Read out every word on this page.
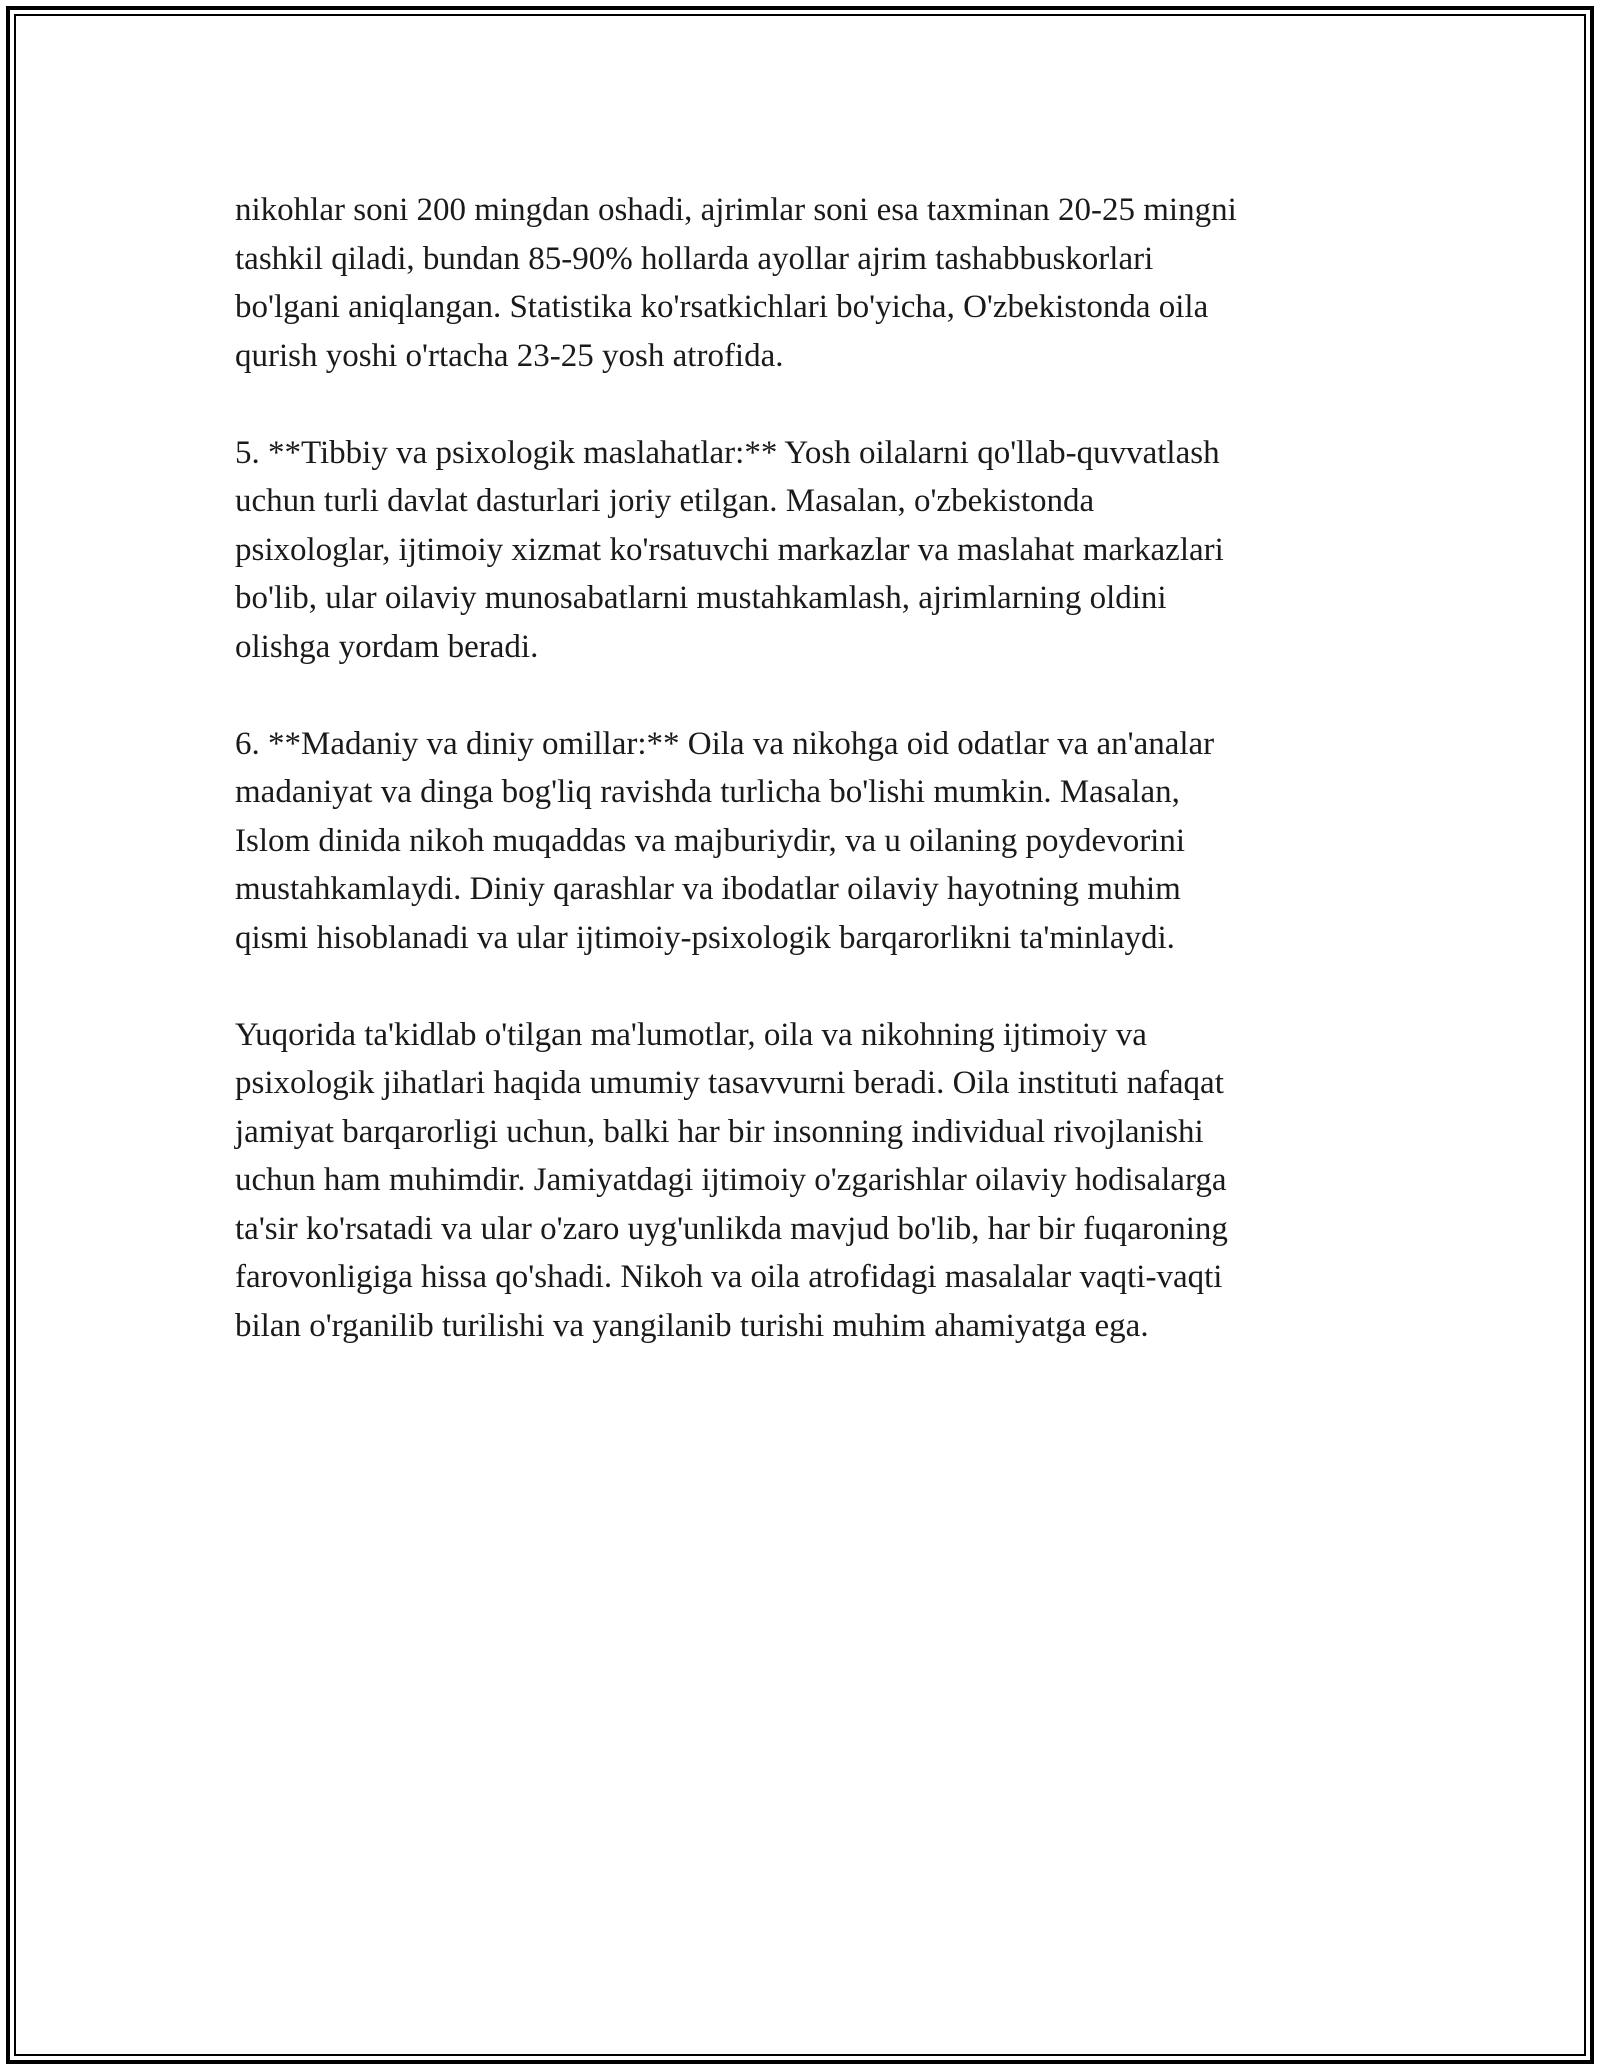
nikohlar soni 200 mingdan oshadi, ajrimlar soni esa taxminan 20-25 mingni
tashkil qiladi, bundan 85-90% hollarda ayollar ajrim tashabbuskorlari
bo'lgani aniqlangan. Statistika ko'rsatkichlari bo'yicha, O'zbekistonda oila
qurish yoshi o'rtacha 23-25 yosh atrofida.

5. **Tibbiy va psixologik maslahatlar:** Yosh oilalarni qo'llab-quvvatlash
uchun turli davlat dasturlari joriy etilgan. Masalan, o'zbekistonda
psixologlar, ijtimoiy xizmat ko'rsatuvchi markazlar va maslahat markazlari
bo'lib, ular oilaviy munosabatlarni mustahkamlash, ajrimlarning oldini
olishga yordam beradi.

6. **Madaniy va diniy omillar:** Oila va nikohga oid odatlar va an'analar
madaniyat va dinga bog'liq ravishda turlicha bo'lishi mumkin. Masalan,
Islom dinida nikoh muqaddas va majburiydir, va u oilaning poydevorini
mustahkamlaydi. Diniy qarashlar va ibodatlar oilaviy hayotning muhim
qismi hisoblanadi va ular ijtimoiy-psixologik barqarorlikni ta'minlaydi.

Yuqorida ta'kidlab o'tilgan ma'lumotlar, oila va nikohning ijtimoiy va
psixologik jihatlari haqida umumiy tasavvurni beradi. Oila instituti nafaqat
jamiyat barqarorligi uchun, balki har bir insonning individual rivojlanishi
uchun ham muhimdir. Jamiyatdagi ijtimoiy o'zgarishlar oilaviy hodisalarga
ta'sir ko'rsatadi va ular o'zaro uyg'unlikda mavjud bo'lib, har bir fuqaroning
farovonligiga hissa qo'shadi. Nikoh va oila atrofidagi masalalar vaqti-vaqti
bilan o'rganilib turilishi va yangilanib turishi muhim ahamiyatga ega.
